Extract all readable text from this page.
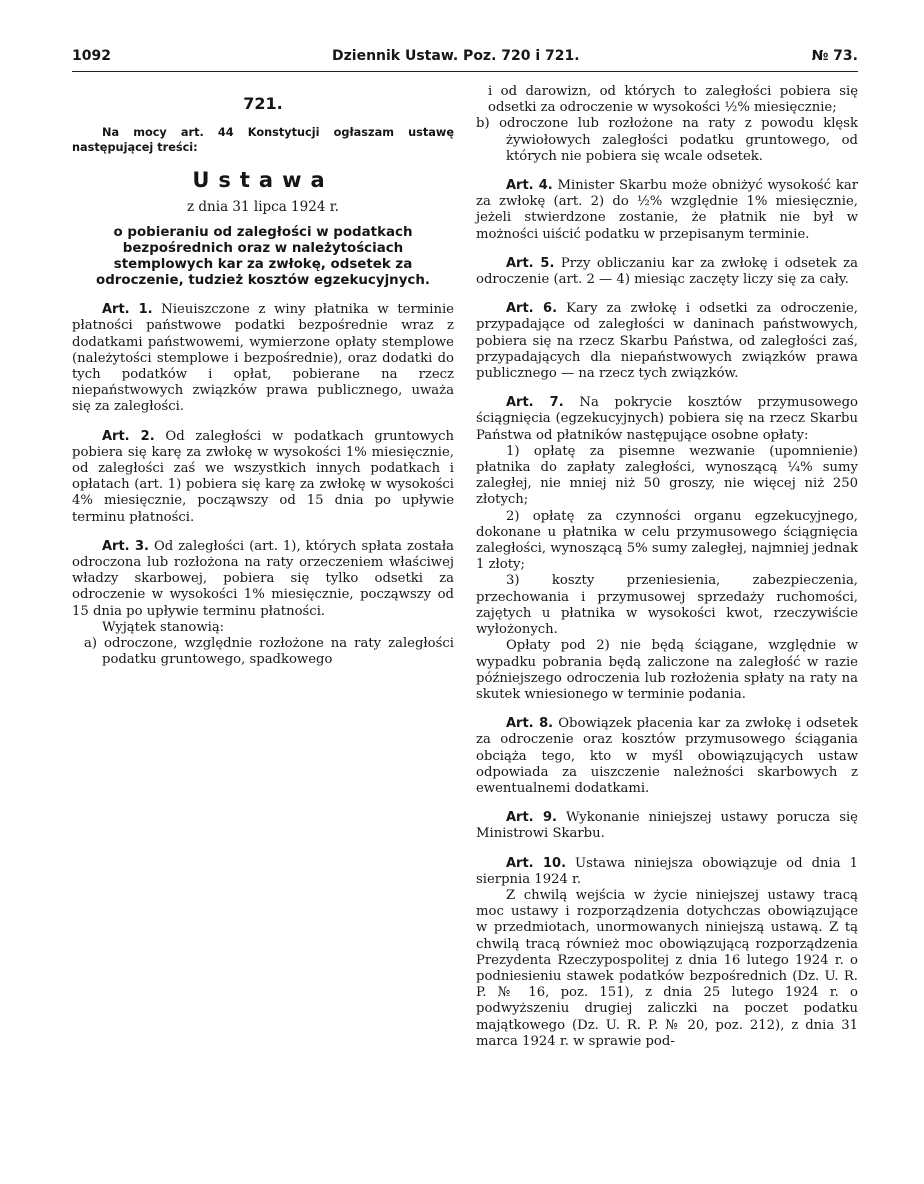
1092	Dziennik Ustaw. Poz. 720 i 721.	№ 73.
721.

Na mocy art. 44 Konstytucji ogłaszam ustawę następującej treści:

Ustawa

z dnia 31 lipca 1924 r.

o pobieraniu od zaległości w podatkach bezpośrednich oraz w należytościach stemplowych kar za zwłokę, odsetek za odroczenie, tudzież kosztów egzekucyjnych.

Art. 1. Nieuiszczone z winy płatnika w terminie płatności państwowe podatki bezpośrednie wraz z dodatkami państwowemi, wymierzone opłaty stemplowe (należytości stemplowe i bezpośrednie), oraz dodatki do tych podatków i opłat, pobierane na rzecz niepaństwowych związków prawa publicznego, uważa się za zaległości.

Art. 2. Od zaległości w podatkach gruntowych pobiera się karę za zwłokę w wysokości 1% miesięcznie, od zaległości zaś we wszystkich innych podatkach i opłatach (art. 1) pobiera się karę za zwłokę w wysokości 4% miesięcznie, począwszy od 15 dnia po upływie terminu płatności.

Art. 3. Od zaległości (art. 1), których spłata została odroczona lub rozłożona na raty orzeczeniem właściwej władzy skarbowej, pobiera się tylko odsetki za odroczenie w wysokości 1% miesięcznie, począwszy od 15 dnia po upływie terminu płatności.

Wyjątek stanowią:

a) odroczone, względnie rozłożone na raty zaległości podatku gruntowego, spadkowego

i od darowizn, od których to zaległości pobiera się odsetki za odroczenie w wysokości ½% miesięcznie;

b) odroczone lub rozłożone na raty z powodu klęsk żywiołowych zaległości podatku gruntowego, od których nie pobiera się wcale odsetek.

Art. 4. Minister Skarbu może obniżyć wysokość kar za zwłokę (art. 2) do ½% względnie 1% miesięcznie, jeżeli stwierdzone zostanie, że płatnik nie był w możności uiścić podatku w przepisanym terminie.

Art. 5. Przy obliczaniu kar za zwłokę i odsetek za odroczenie (art. 2 — 4) miesiąc zaczęty liczy się za cały.

Art. 6. Kary za zwłokę i odsetki za odroczenie, przypadające od zaległości w daninach państwowych, pobiera się na rzecz Skarbu Państwa, od zaległości zaś, przypadających dla niepaństwowych związków prawa publicznego — na rzecz tych związków.

Art. 7. Na pokrycie kosztów przymusowego ściągnięcia (egzekucyjnych) pobiera się na rzecz Skarbu Państwa od płatników następujące osobne opłaty:

1) opłatę za pisemne wezwanie (upomnienie) płatnika do zapłaty zaległości, wynoszącą ¼% sumy zaległej, nie mniej niż 50 groszy, nie więcej niż 250 złotych;

2) opłatę za czynności organu egzekucyjnego, dokonane u płatnika w celu przymusowego ściągnięcia zaległości, wynoszącą 5% sumy zaległej, najmniej jednak 1 złoty;

3) koszty przeniesienia, zabezpieczenia, przechowania i przymusowej sprzedaży ruchomości, zajętych u płatnika w wysokości kwot, rzeczywiście wyłożonych.

Opłaty pod 2) nie będą ściągane, względnie w wypadku pobrania będą zaliczone na zaległość w razie późniejszego odroczenia lub rozłożenia spłaty na raty na skutek wniesionego w terminie podania.

Art. 8. Obowiązek płacenia kar za zwłokę i odsetek za odroczenie oraz kosztów przymusowego ściągania obciąża tego, kto w myśl obowiązujących ustaw odpowiada za uiszczenie należności skarbowych z ewentualnemi dodatkami.

Art. 9. Wykonanie niniejszej ustawy porucza się Ministrowi Skarbu.

Art. 10. Ustawa niniejsza obowiązuje od dnia 1 sierpnia 1924 r.

Z chwilą wejścia w życie niniejszej ustawy tracą moc ustawy i rozporządzenia dotychczas obowiązujące w przedmiotach, unormowanych niniejszą ustawą. Z tą chwilą tracą również moc obowiązującą rozporządzenia Prezydenta Rzeczypospolitej z dnia 16 lutego 1924 r. o podniesieniu stawek podatków bezpośrednich (Dz. U. R. P. № 16, poz. 151), z dnia 25 lutego 1924 r. o podwyższeniu drugiej zaliczki na poczet podatku majątkowego (Dz. U. R. P. № 20, poz. 212), z dnia 31 marca 1924 r. w sprawie pod-
